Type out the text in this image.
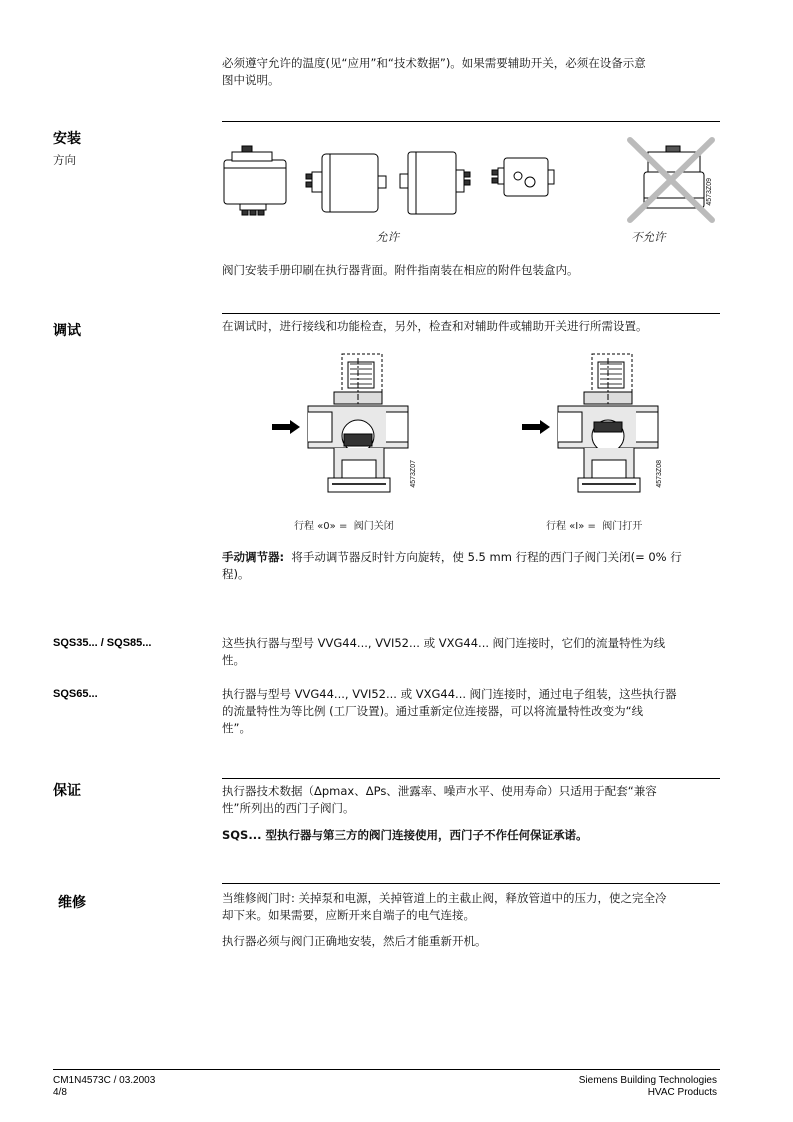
必须遵守允许的温度(见“应用”和“技术数据”)。如果需要辅助开关，必须在设备示意
图中说明。
安装
方向
4573Z09
允许	不允许
阀门安装手册印刷在执行器背面。附件指南装在相应的附件包装盒内。
调试	在调试时，进行接线和功能检查，另外，检查和对辅助件或辅助开关进行所需设置。
4573Z07	4573Z08
行程 «0» = 阀门关闭	行程 «I» = 阀门打开
手动调节器: 将手动调节器反时针方向旋转，使 5.5 mm 行程的西门子阀门关闭(= 0% 行
程)。
SQS35... / SQS85...	这些执行器与型号 VVG44..., VVI52... 或 VXG44... 阀门连接时，它们的流量特性为线
性。
SQS65...	执行器与型号 VVG44..., VVI52... 或 VXG44... 阀门连接时，通过电子组装，这些执行器
的流量特性为等比例 (工厂设置)。通过重新定位连接器，可以将流量特性改变为“线
性”。
保证	执行器技术数据（Δpmax、ΔPs、泄露率、噪声水平、使用寿命）只适用于配套“兼容
性”所列出的西门子阀门。
SQS... 型执行器与第三方的阀门连接使用，西门子不作任何保证承诺。
维修	当维修阀门时: 关掉泵和电源，关掉管道上的主截止阀，释放管道中的压力，使之完全冷
却下来。如果需要，应断开来自端子的电气连接。
执行器必须与阀门正确地安装，然后才能重新开机。
CM1N4573C / 03.2003
4/8
Siemens Building Technologies
HVAC Products
